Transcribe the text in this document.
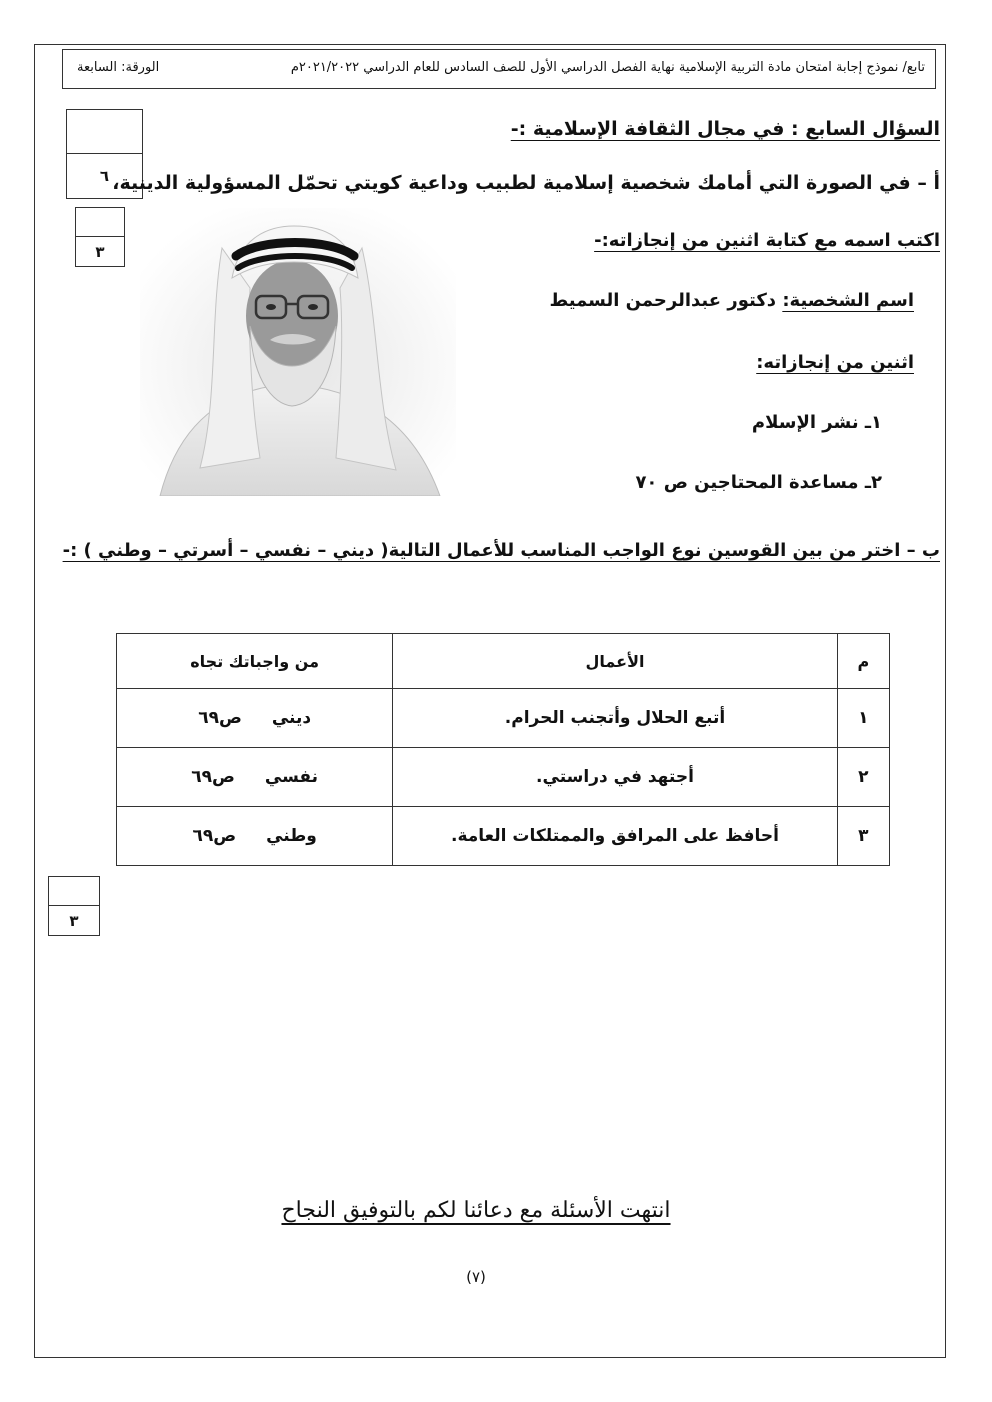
تابع/ نموذج إجابة امتحان مادة التربية الإسلامية نهاية الفصل الدراسي الأول للصف السادس للعام الدراسي ٢٠٢١/٢٠٢٢م
الورقة: السابعة
٦
٣
السؤال السابع : في مجال الثقافة الإسلامية :-
أ – في الصورة التي أمامك شخصية إسلامية لطبيب وداعية كويتي تحمّل المسؤولية الدينية،
اكتب اسمه مع كتابة اثنين من إنجازاته:-
اسم الشخصية: دكتور عبدالرحمن السميط
اثنين من إنجازاته:
١ـ نشر الإسلام
٢ـ مساعدة المحتاجين ص ٧٠
ب – اختر من بين القوسين نوع الواجب المناسب للأعمال التالية( ديني – نفسي – أسرتي – وطني ) :-
م	الأعمال	من واجباتك تجاه
١	أتبع الحلال وأتجنب الحرام.	ديني
ص٦٩

٢	أجتهد في دراستي.	نفسي
ص٦٩

٣	أحافظ على المرافق والممتلكات العامة.	وطني
ص٦٩
٣
انتهت الأسئلة مع دعائنا لكم بالتوفيق النجاح
(٧)
